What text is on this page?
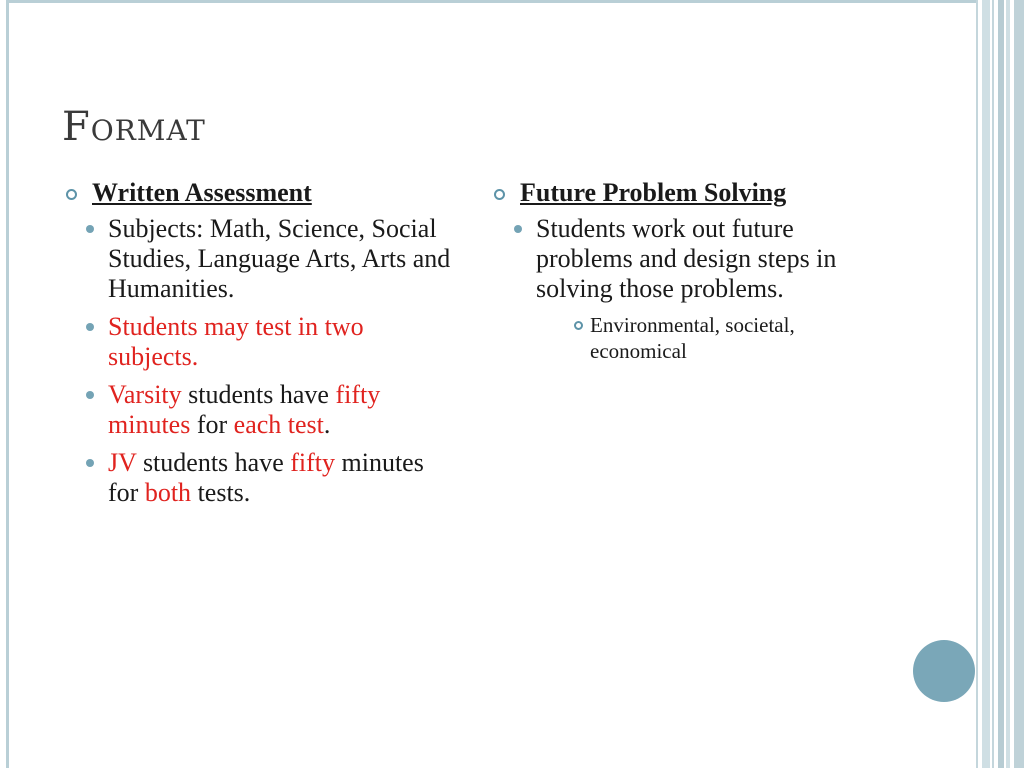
Format
Written Assessment
Subjects: Math, Science, Social Studies, Language Arts, Arts and Humanities.
Students may test in two subjects.
Varsity students have fifty minutes for each test.
JV students have fifty minutes for both tests.
Future Problem Solving
Students work out future problems and design steps in solving those problems.
Environmental, societal, economical
